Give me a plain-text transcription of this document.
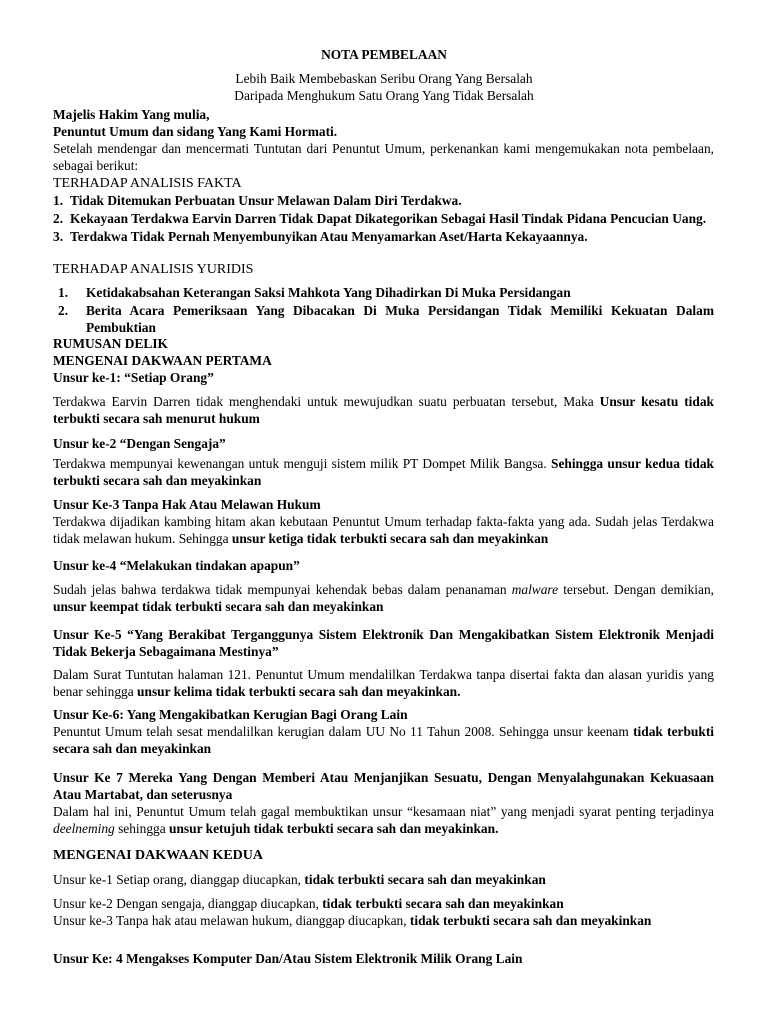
NOTA PEMBELAAN

Lebih Baik Membebaskan Seribu Orang Yang Bersalah

Daripada Menghukum Satu Orang Yang Tidak Bersalah

Majelis Hakim Yang mulia,

Penuntut Umum dan sidang Yang Kami Hormati.

Setelah mendengar dan mencermati Tuntutan dari Penuntut Umum, perkenankan kami mengemukakan nota pembelaan, sebagai berikut:

TERHADAP ANALISIS FAKTA

1. Tidak Ditemukan Perbuatan Unsur Melawan Dalam Diri Terdakwa.
2. Kekayaan Terdakwa Earvin Darren Tidak Dapat Dikategorikan Sebagai Hasil Tindak Pidana Pencucian Uang.
3. Terdakwa Tidak Pernah Menyembunyikan Atau Menyamarkan Aset/Harta Kekayaannya.

TERHADAP ANALISIS YURIDIS

1.	Ketidakabsahan Keterangan Saksi Mahkota Yang Dihadirkan Di Muka Persidangan
2.	Berita Acara Pemeriksaan Yang Dibacakan Di Muka Persidangan Tidak Memiliki Kekuatan Dalam Pembuktian

RUMUSAN DELIK

MENGENAI DAKWAAN PERTAMA

Unsur ke-1: “Setiap Orang”

Terdakwa Earvin Darren tidak menghendaki untuk mewujudkan suatu perbuatan tersebut, Maka Unsur kesatu tidak terbukti secara sah menurut hukum

Unsur ke-2 “Dengan Sengaja”

Terdakwa mempunyai kewenangan untuk menguji sistem milik PT Dompet Milik Bangsa. Sehingga unsur kedua tidak terbukti secara sah dan meyakinkan

Unsur Ke-3 Tanpa Hak Atau Melawan Hukum

Terdakwa dijadikan kambing hitam akan kebutaan Penuntut Umum terhadap fakta-fakta yang ada. Sudah jelas Terdakwa tidak melawan hukum. Sehingga unsur ketiga tidak terbukti secara sah dan meyakinkan

Unsur ke-4 “Melakukan tindakan apapun”

Sudah jelas bahwa terdakwa tidak mempunyai kehendak bebas dalam penanaman malware tersebut. Dengan demikian, unsur keempat tidak terbukti secara sah dan meyakinkan

Unsur Ke-5 “Yang Berakibat Terganggunya Sistem Elektronik Dan Mengakibatkan Sistem Elektronik Menjadi Tidak Bekerja Sebagaimana Mestinya”

Dalam Surat Tuntutan halaman 121. Penuntut Umum mendalilkan Terdakwa tanpa disertai fakta dan alasan yuridis yang benar sehingga unsur kelima tidak terbukti secara sah dan meyakinkan.

Unsur Ke-6: Yang Mengakibatkan Kerugian Bagi Orang Lain

Penuntut Umum telah sesat mendalilkan kerugian dalam UU No 11 Tahun 2008. Sehingga unsur keenam tidak terbukti secara sah dan meyakinkan

Unsur Ke 7 Mereka Yang Dengan Memberi Atau Menjanjikan Sesuatu, Dengan Menyalahgunakan Kekuasaan Atau Martabat, dan seterusnya

Dalam hal ini, Penuntut Umum telah gagal membuktikan unsur “kesamaan niat” yang menjadi syarat penting terjadinya deelneming sehingga unsur ketujuh tidak terbukti secara sah dan meyakinkan.

MENGENAI DAKWAAN KEDUA

Unsur ke-1 Setiap orang, dianggap diucapkan, tidak terbukti secara sah dan meyakinkan

Unsur ke-2 Dengan sengaja, dianggap diucapkan, tidak terbukti secara sah dan meyakinkan

Unsur ke-3 Tanpa hak atau melawan hukum, dianggap diucapkan, tidak terbukti secara sah dan meyakinkan

Unsur Ke: 4 Mengakses Komputer Dan/Atau Sistem Elektronik Milik Orang Lain
